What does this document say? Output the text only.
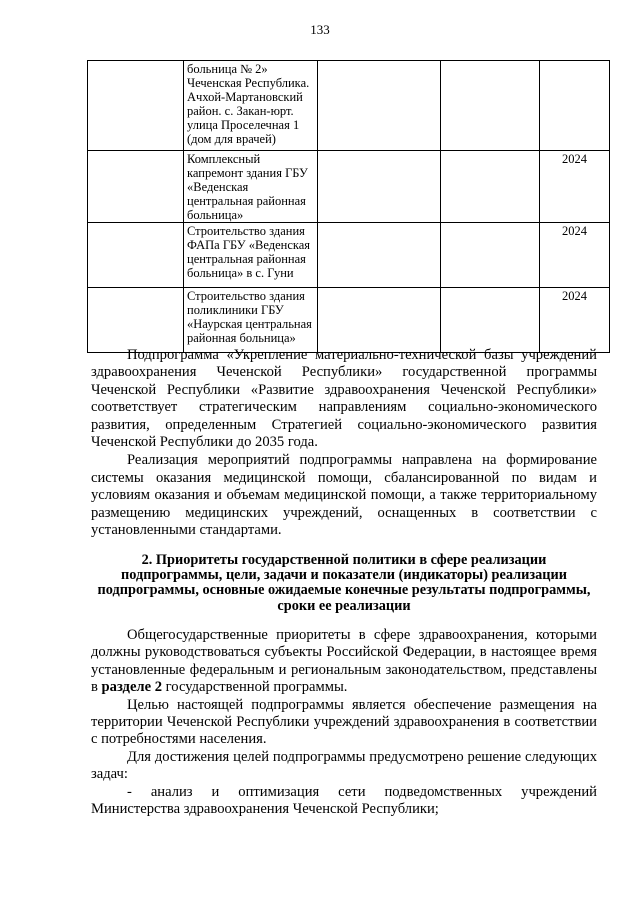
133
	больница № 2» Чеченская Республика. Ачхой-Мартановский район. с. Закан-юрт. улица Проселечная 1 (дом для врачей)			
	Комплексный капремонт здания ГБУ «Веденская центральная районная больница»			2024
	Строительство здания ФАПа ГБУ «Веденская центральная районная больница» в с. Гуни			2024
	Строительство здания поликлиники ГБУ «Наурская центральная районная больница»			2024

Подпрограмма «Укрепление материально-технической базы учреждений здравоохранения Чеченской Республики» государственной программы Чеченской Республики «Развитие здравоохранения Чеченской Республики» соответствует стратегическим направлениям социально-экономического развития, определенным Стратегией социально-экономического развития Чеченской Республики до 2035 года.

Реализация мероприятий подпрограммы направлена на формирование системы оказания медицинской помощи, сбалансированной по видам и условиям оказания и объемам медицинской помощи, а также территориальному размещению медицинских учреждений, оснащенных в соответствии с установленными стандартами.

2. Приоритеты государственной политики в сфере реализации подпрограммы, цели, задачи и показатели (индикаторы) реализации подпрограммы, основные ожидаемые конечные результаты подпрограммы, сроки ее реализации

Общегосударственные приоритеты в сфере здравоохранения, которыми должны руководствоваться субъекты Российской Федерации, в настоящее время установленные федеральным и региональным законодательством, представлены в разделе 2 государственной программы.

Целью настоящей подпрограммы является обеспечение размещения на территории Чеченской Республики учреждений здравоохранения в соответствии с потребностями населения.

Для достижения целей подпрограммы предусмотрено решение следующих задач:

- анализ и оптимизация сети подведомственных учреждений Министерства здравоохранения Чеченской Республики;
